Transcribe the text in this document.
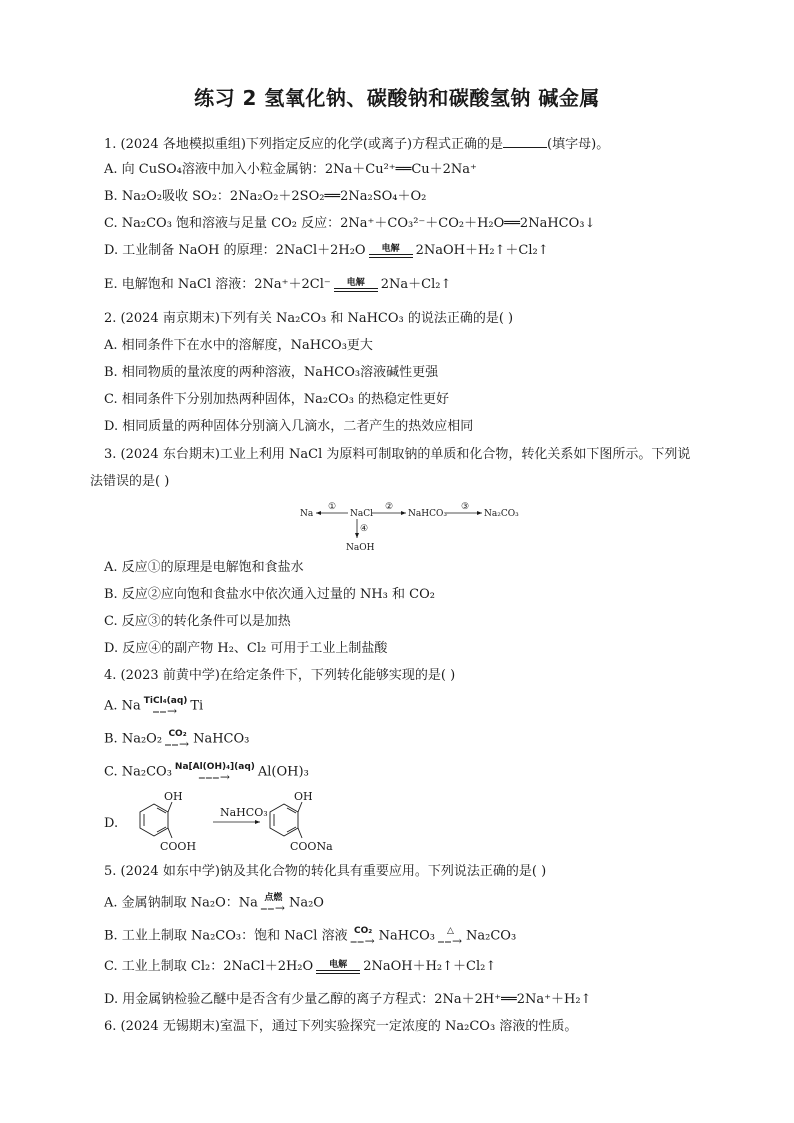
练习 2 氢氧化钠、碳酸钠和碳酸氢钠 碱金属
1. (2024 各地模拟重组)下列指定反应的化学(或离子)方程式正确的是	(填字母)。
A. 向 CuSO₄溶液中加入小粒金属钠：2Na＋Cu²⁺══Cu＋2Na⁺
B. Na₂O₂吸收 SO₂：2Na₂O₂＋2SO₂══2Na₂SO₄＋O₂
C. Na₂CO₃ 饱和溶液与足量 CO₂ 反应：2Na⁺＋CO₃²⁻＋CO₂＋H₂O══2NaHCO₃↓
D. 工业制备 NaOH 的原理：2NaCl＋2H₂O	电解	2NaOH＋H₂↑＋Cl₂↑
E. 电解饱和 NaCl 溶液：2Na⁺＋2Cl⁻	电解	2Na＋Cl₂↑
2. (2024 南京期末)下列有关 Na₂CO₃ 和 NaHCO₃ 的说法正确的是( )
A. 相同条件下在水中的溶解度，NaHCO₃更大
B. 相同物质的量浓度的两种溶液，NaHCO₃溶液碱性更强
C. 相同条件下分别加热两种固体，Na₂CO₃ 的热稳定性更好
D. 相同质量的两种固体分别滴入几滴水，二者产生的热效应相同
3. (2024 东台期末)工业上利用 NaCl 为原料可制取钠的单质和化合物，转化关系如下图所示。下列说
法错误的是( )
Na
①
NaCl
②
NaHCO₃
③
Na₂CO₃
④
NaOH
A. 反应①的原理是电解饱和食盐水
B. 反应②应向饱和食盐水中依次通入过量的 NH₃ 和 CO₂
C. 反应③的转化条件可以是加热
D. 反应④的副产物 H₂、Cl₂ 可用于工业上制盐酸
4. (2023 前黄中学)在给定条件下，下列转化能够实现的是( )
A. Na TiCl₄(aq)
⎯⎯→ Ti
B. Na₂O₂ CO₂
⎯⎯→ NaHCO₃
C. Na₂CO₃ Na[Al(OH)₄](aq)
⎯⎯⎯→	Al(OH)₃
D.
OH
COOH
NaHCO₃
OH
COONa
5. (2024 如东中学)钠及其化合物的转化具有重要应用。下列说法正确的是( )
A. 金属钠制取 Na₂O：Na 点燃
⎯⎯→ Na₂O
B. 工业上制取 Na₂CO₃：饱和 NaCl 溶液 CO₂
⎯⎯→ NaHCO₃	△
⎯⎯→ Na₂CO₃
C. 工业上制取 Cl₂：2NaCl＋2H₂O	电解	2NaOH＋H₂↑＋Cl₂↑
D. 用金属钠检验乙醚中是否含有少量乙醇的离子方程式：2Na＋2H⁺══2Na⁺＋H₂↑
6. (2024 无锡期末)室温下，通过下列实验探究一定浓度的 Na₂CO₃ 溶液的性质。
